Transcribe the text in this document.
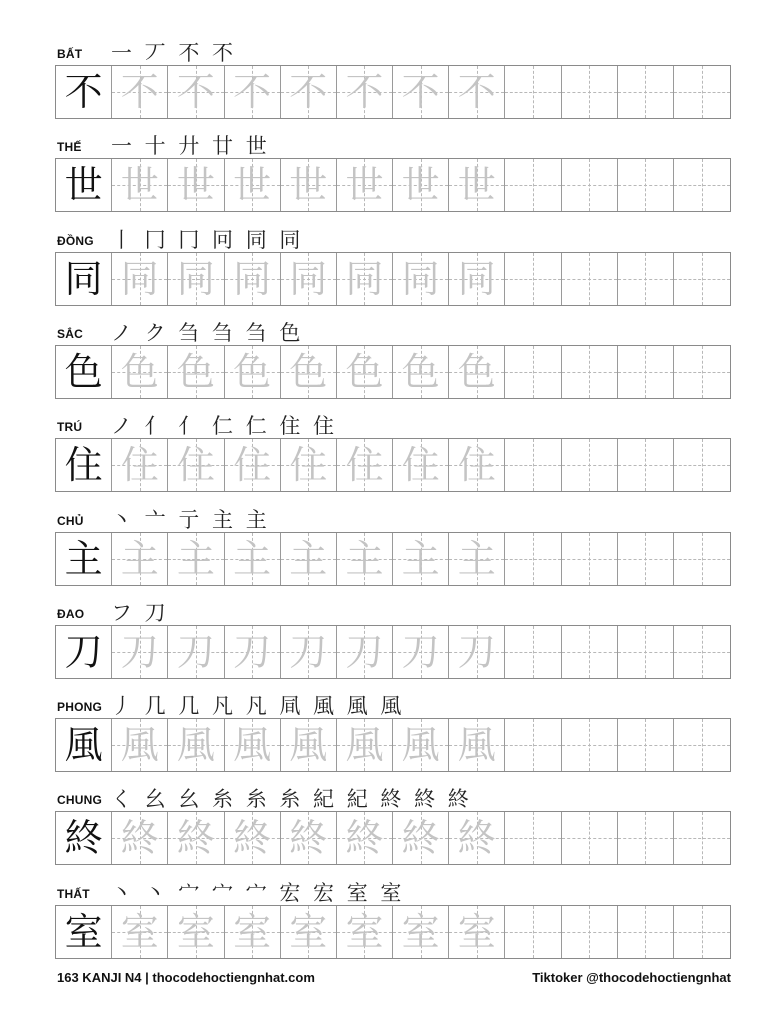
BẤT 一 丆 不 不
不 不 不 不 不 不 不 不
THẾ 一 十 廾 廿 世
世 世 世 世 世 世 世 世
ĐỒNG 丨 冂 冂 冋 同 同
同 同 同 同 同 同 同 同
SẮC ノ ク 刍 刍 刍 色
色 色 色 色 色 色 色 色
TRÚ ノ 亻 亻 仁 仁 住 住
住 住 住 住 住 住 住 住
CHỦ 丶 亠 亍 主 主
主 主 主 主 主 主 主 主
ĐAO フ 刀
刀 刀 刀 刀 刀 刀 刀 刀
PHONG 丿 几 几 凡 凡 凬 風 風 風
風 風 風 風 風 風 風 風
CHUNG く 幺 幺 糸 糸 糸 紀 紀 終 終 終
終 終 終 終 終 終 終 終
THẤT 丶 丶 宀 宀 宀 宏 宏 室 室
室 室 室 室 室 室 室 室
163 KANJI N4 | thocodehoctiengnhat.com	Tiktoker @thocodehoctiengnhat
